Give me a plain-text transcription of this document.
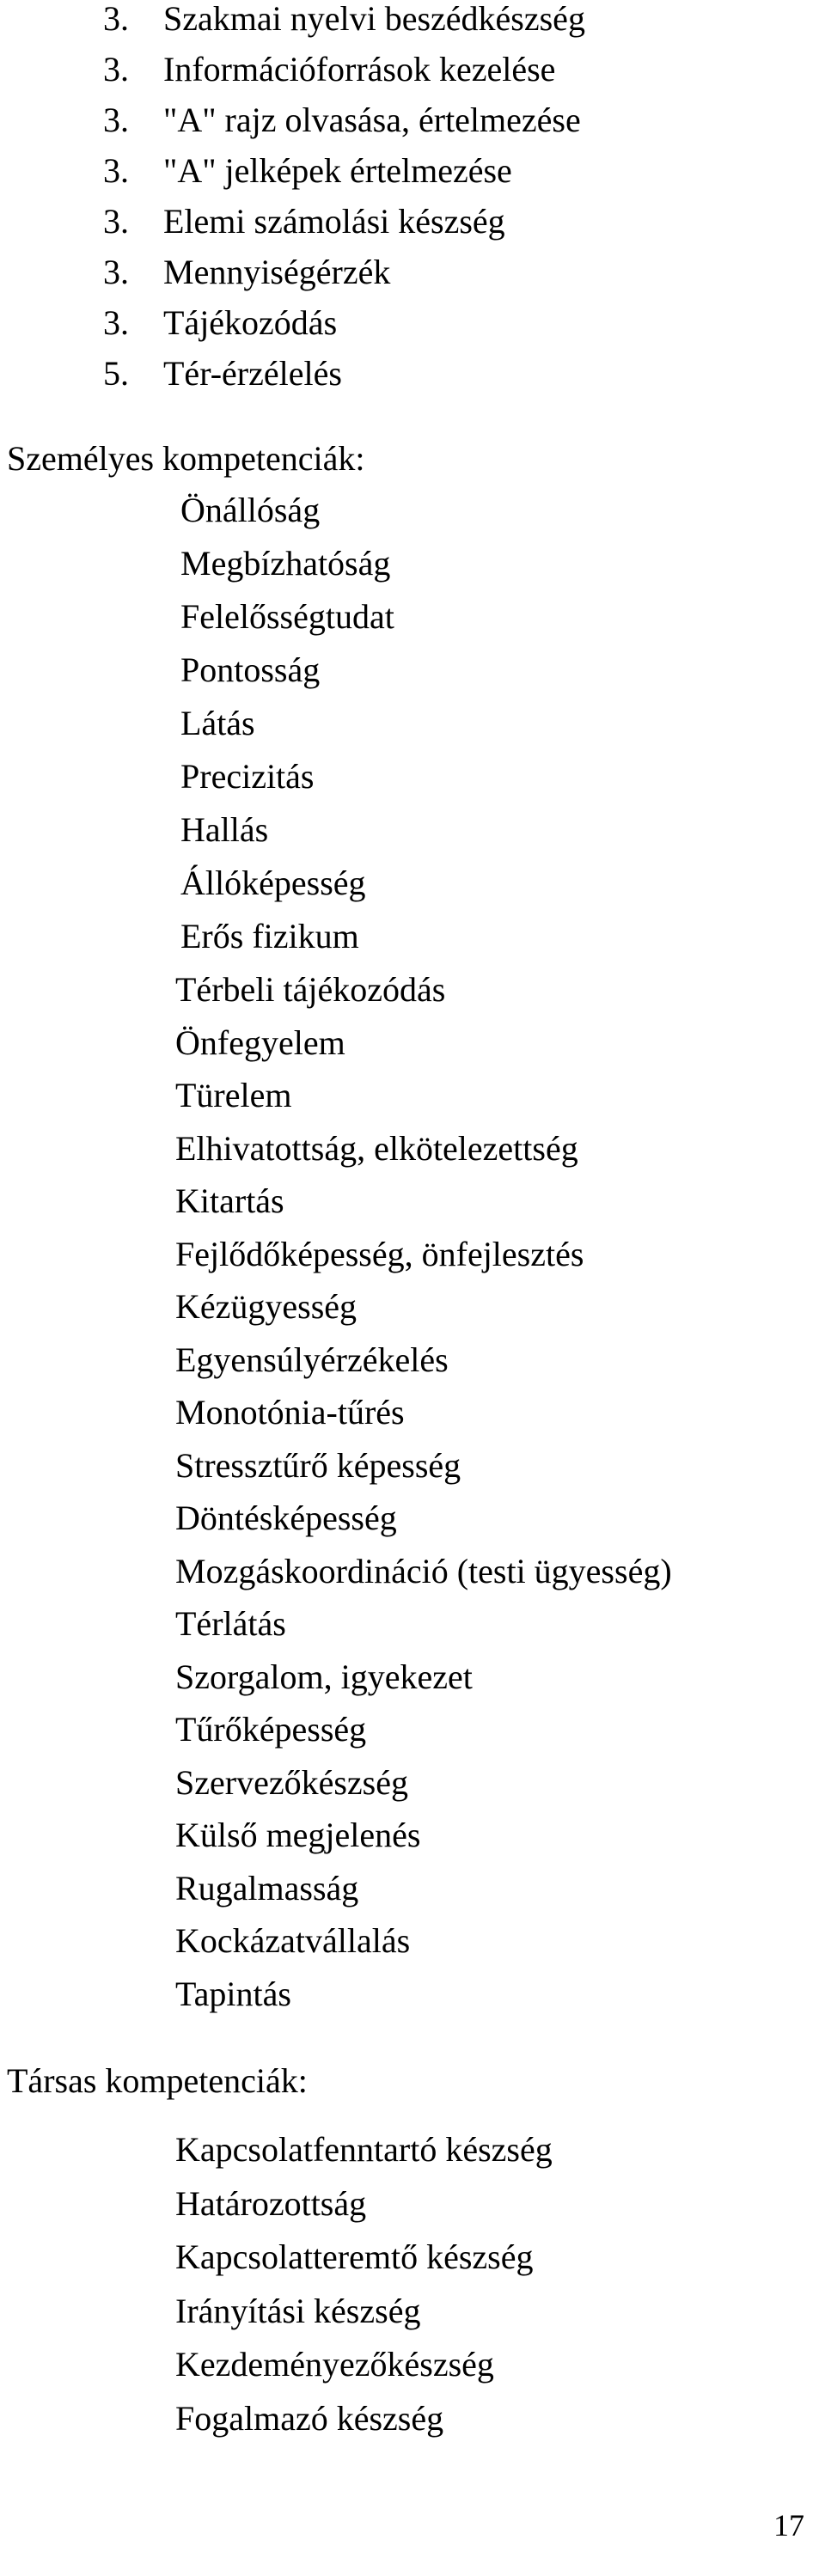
3. Szakmai nyelvi beszédkészség
3. Információforrások kezelése
3. "A" rajz olvasása, értelmezése
3. "A" jelképek értelmezése
3. Elemi számolási készség
3. Mennyiségérzék
3. Tájékozódás
5. Tér-érzélelés
Személyes kompetenciák:
Önállóság
Megbízhatóság
Felelősségtudat
Pontosság
Látás
Precizitás
Hallás
Állóképesség
Erős fizikum
Térbeli tájékozódás
Önfegyelem
Türelem
Elhivatottság, elkötelezettség
Kitartás
Fejlődőképesség, önfejlesztés
Kézügyesség
Egyensúlyérzékelés
Monotónia-tűrés
Stressztűrő képesség
Döntésképesség
Mozgáskoordináció (testi ügyesség)
Térlátás
Szorgalom, igyekezet
Tűrőképesség
Szervezőkészség
Külső megjelenés
Rugalmasság
Kockázatvállalás
Tapintás
Társas kompetenciák:
Kapcsolatfenntartó készség
Határozottság
Kapcsolatteremtő készség
Irányítási készség
Kezdeményezőkészség
Fogalmazó készség
17
